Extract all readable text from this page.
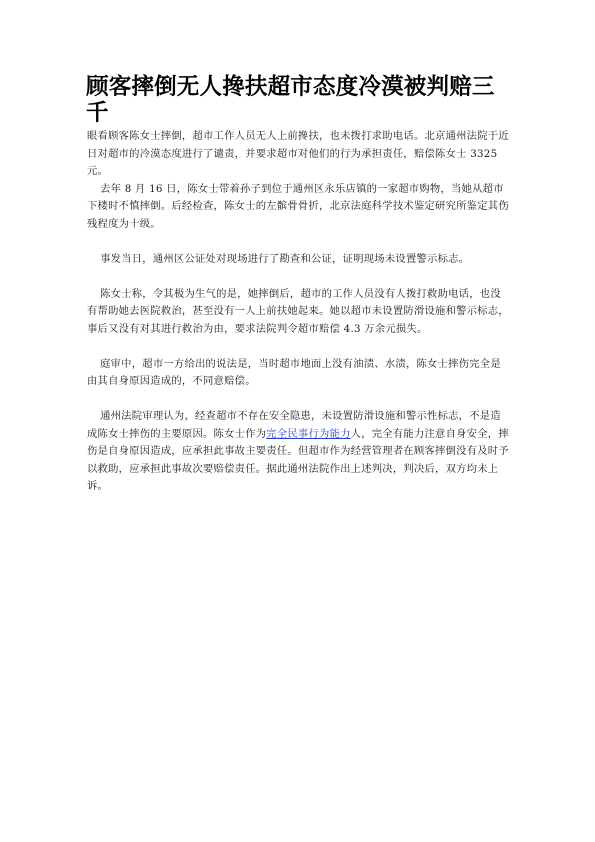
顾客摔倒无人搀扶超市态度冷漠被判赔三千

眼看顾客陈女士摔倒，超市工作人员无人上前搀扶，也未拨打求助电话。北京通州法院于近日对超市的冷漠态度进行了谴责，并要求超市对他们的行为承担责任，赔偿陈女士 3325 元。

去年 8 月 16 日，陈女士带着孙子到位于通州区永乐店镇的一家超市购物，当她从超市下楼时不慎摔倒。后经检查，陈女士的左髌骨骨折，北京法庭科学技术鉴定研究所鉴定其伤残程度为十级。

事发当日，通州区公证处对现场进行了勘查和公证，证明现场未设置警示标志。

陈女士称，令其极为生气的是，她摔倒后，超市的工作人员没有人拨打救助电话，也没有帮助她去医院救治，甚至没有一人上前扶她起来。她以超市未设置防滑设施和警示标志，事后又没有对其进行救治为由，要求法院判令超市赔偿 4.3 万余元损失。

庭审中，超市一方给出的说法是，当时超市地面上没有油渍、水渍，陈女士摔伤完全是由其自身原因造成的，不同意赔偿。

通州法院审理认为，经查超市不存在安全隐患，未设置防滑设施和警示性标志，不是造成陈女士摔伤的主要原因。陈女士作为完全民事行为能力人，完全有能力注意自身安全，摔伤是自身原因造成，应承担此事故主要责任。但超市作为经营管理者在顾客摔倒没有及时予以救助，应承担此事故次要赔偿责任。据此通州法院作出上述判决，判决后，双方均未上诉。
